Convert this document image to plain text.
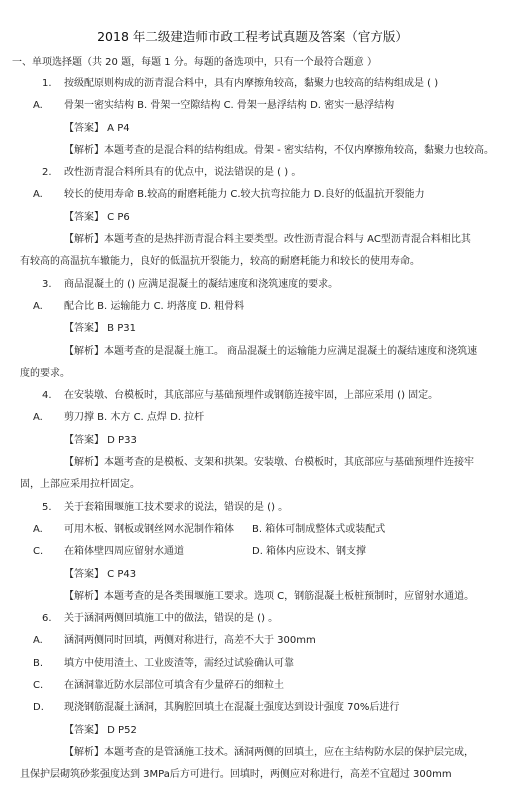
2018 年二级建造师市政工程考试真题及答案（官方版）
一、单项选择题（共 20 题，每题 1 分。每题的备选项中，只有一个最符合题意 ）
1. 按级配原则构成的沥青混合料中，具有内摩擦角较高，黏聚力也较高的结构组成是 ( )
A. 骨架一密实结构 B. 骨架一空隙结构 C. 骨架一悬浮结构 D. 密实一悬浮结构
【答案】 A P4
【解析】本题考查的是混合料的结构组成。骨架 - 密实结构，不仅内摩擦角较高，黏聚力也较高。
2. 改性沥青混合料所具有的优点中，说法错误的是 ( ) 。
A. 较长的使用寿命 B.较高的耐磨耗能力 C.较大抗弯拉能力 D.良好的低温抗开裂能力
【答案】 C P6
【解析】本题考查的是热拌沥青混合料主要类型。改性沥青混合料与 AC型沥青混合料相比其
有较高的高温抗车辙能力，良好的低温抗开裂能力，较高的耐磨耗能力和较长的使用寿命。
3. 商品混凝土的 () 应满足混凝土的凝结速度和浇筑速度的要求。
A. 配合比 B. 运输能力 C. 坍落度 D. 粗骨料
【答案】 B P31
【解析】本题考查的是混凝土施工。 商品混凝土的运输能力应满足混凝土的凝结速度和浇筑速
度的要求。
4. 在安装墩、台模板时，其底部应与基础预埋件或钢筋连接牢固，上部应采用 () 固定。
A. 剪刀撑 B. 木方 C. 点焊 D. 拉杆
【答案】 D P33
【解析】本题考查的是模板、支架和拱架。安装墩、台模板时，其底部应与基础预埋件连接牢
固，上部应采用拉杆固定。
5. 关于套箱围堰施工技术要求的说法，错误的是 () 。
A. 可用木板、钢板或钢丝网水泥制作箱体 B. 箱体可制成整体式或装配式
C. 在箱体壁四周应留射水通道	D. 箱体内应设木、钢支撑
【答案】 C P43
【解析】本题考查的是各类围堰施工要求。选项 C，钢筋混凝土板桩预制时，应留射水通道。
6. 关于涵洞两侧回填施工中的做法，错误的是 () 。
A. 涵洞两侧同时回填，两侧对称进行，高差不大于 300mm
B. 填方中使用渣土、工业废渣等，需经过试验确认可靠
C. 在涵洞靠近防水层部位可填含有少量碎石的细粒土
D. 现浇钢筋混凝土涵洞，其胸腔回填土在混凝土强度达到设计强度 70%后进行
【答案】 D P52
【解析】本题考查的是管涵施工技术。涵洞两侧的回填土，应在主结构防水层的保护层完成，
且保护层砌筑砂浆强度达到 3MPa后方可进行。回填时，两侧应对称进行，高差不宜超过 300mm
